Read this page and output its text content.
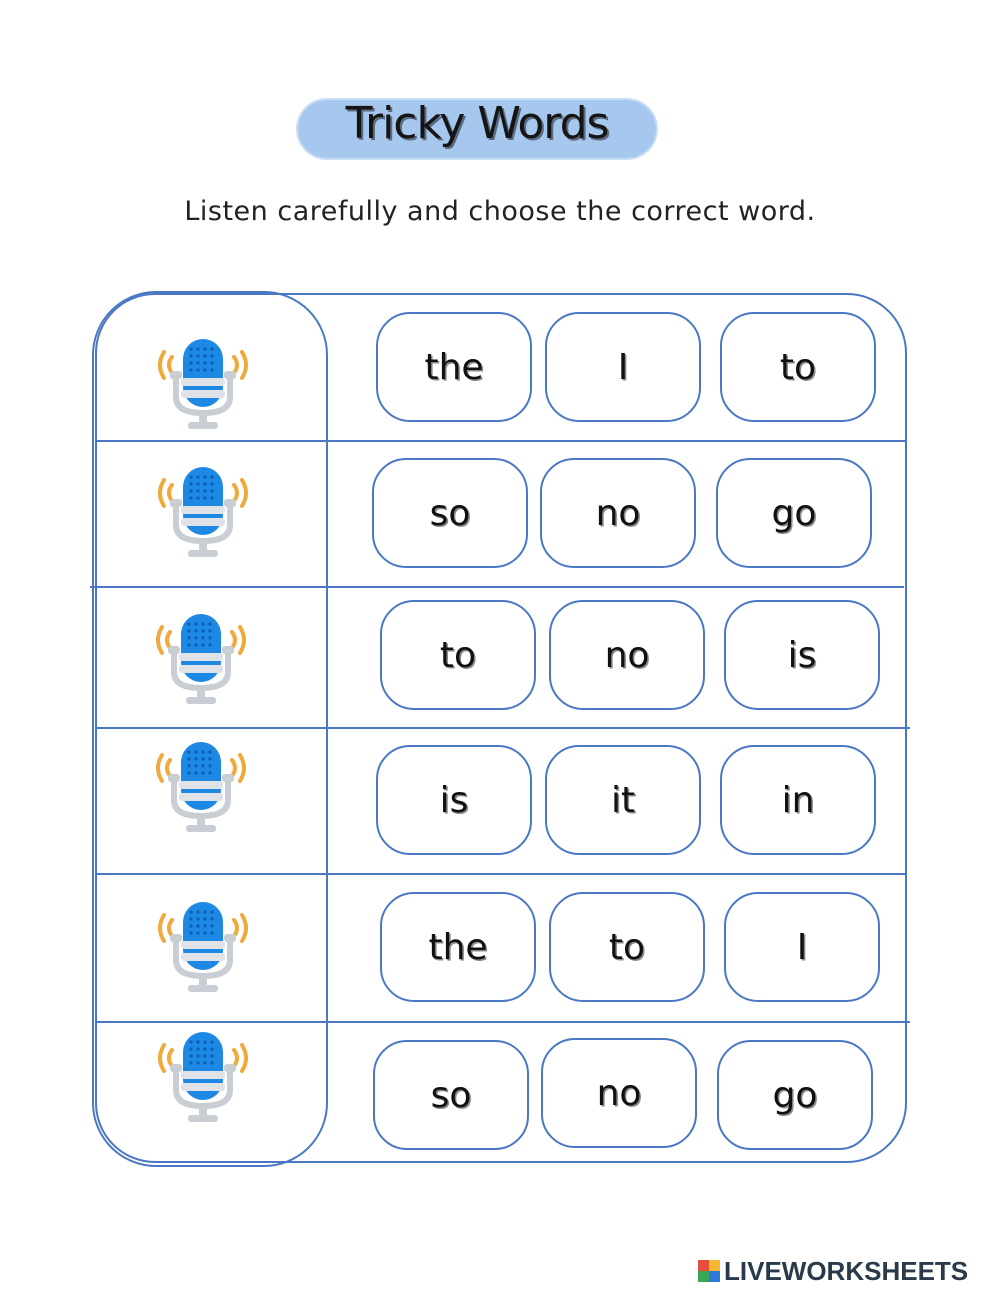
Tricky Words
Listen carefully and choose the correct word.
the	I	to
so	no	go
to	no	is
is	it	in
the	to	I
so	no	go
LIVEWORKSHEETS
